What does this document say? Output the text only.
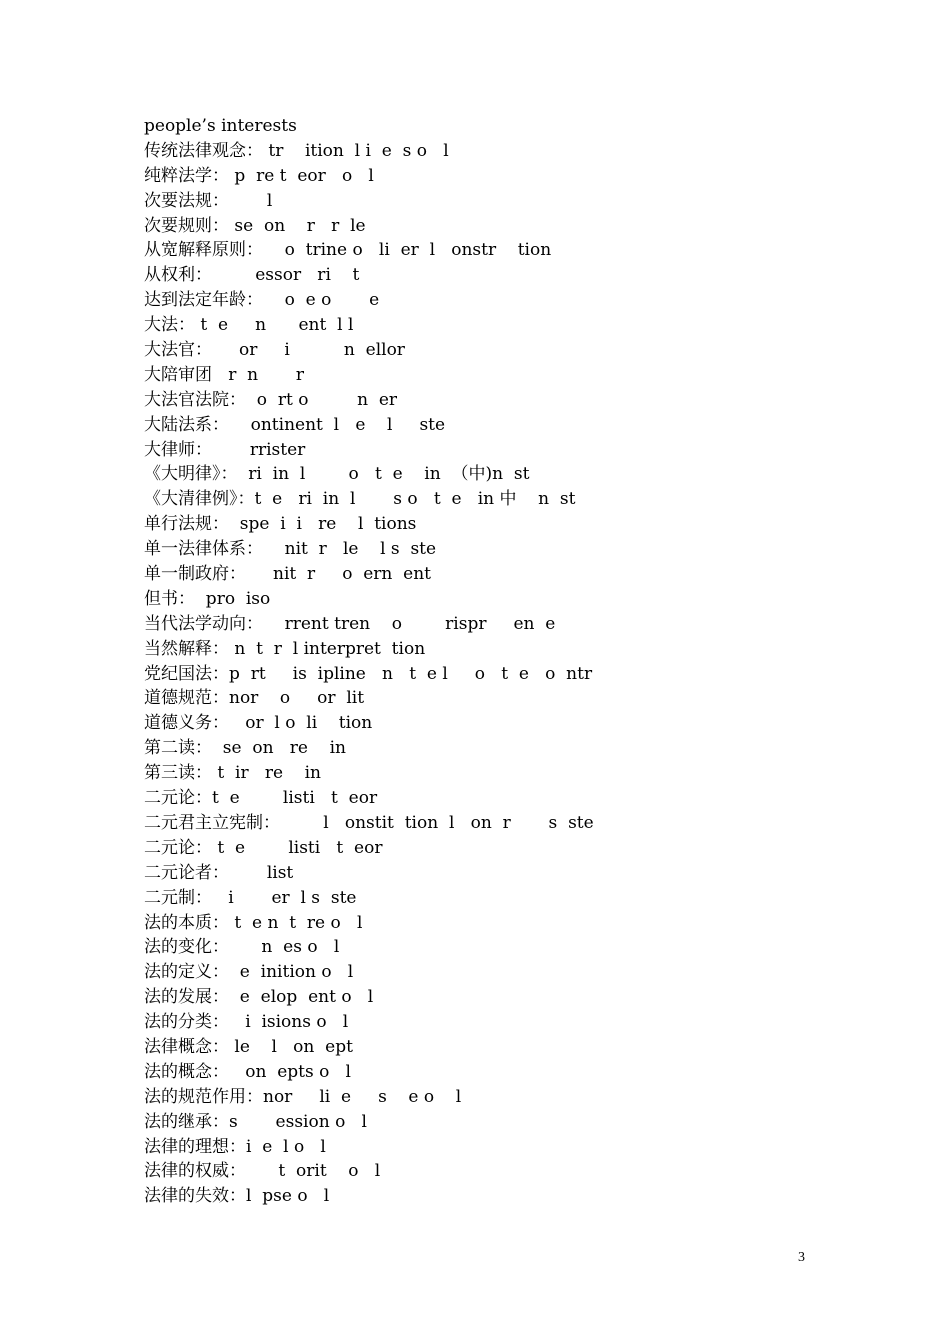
people’s interests
传统法律观念： tr    ition  l i  e  s o   l
纯粹法学： p  re t  eor   o   l
次要法规：       l
次要规则： se  on    r   r  le
从宽解释原则：    o  trine o   li  er  l   onstr    tion
从权利：        essor   ri    t
达到法定年龄：    o  e o       e
大法： t  e     n      ent  l l
大法官：     or     i          n  ellor
大陪审团   r  n       r
大法官法院：  o  rt o         n  er
大陆法系：    ontinent  l   e    l     ste
大律师：       rrister
《大明律》：  ri  in  l        o   t  e    in  （中)n  st
《大清律例》：t  e   ri  in  l       s o   t  e   in 中    n  st
单行法规：  spe  i  i   re    l  tions
单一法律体系：    nit  r   le    l s  ste
单一制政府：     nit  r     o  ern  ent
但书：  pro  iso
当代法学动向：    rrent tren    o        rispr     en  e
当然解释： n  t  r  l interpret  tion
党纪国法：p  rt     is  ipline   n   t  e l     o   t  e   o  ntr
道德规范：nor    o     or  lit
道德义务：   or  l o  li    tion
第二读：  se  on   re    in
第三读： t  ir   re    in
二元论：t  e        listi   t  eor
二元君主立宪制：        l   onstit  tion  l   on  r       s  ste
二元论： t  e        listi   t  eor
二元论者：       list
二元制：   i       er  l s  ste
法的本质： t  e n  t  re o   l
法的变化：      n  es o   l
法的定义：  e  inition o   l
法的发展：  e  elop  ent o   l
法的分类：   i  isions o   l
法律概念： le    l   on  ept
法的概念：   on  epts o   l
法的规范作用：nor     li  e     s    e o    l
法的继承：s       ession o   l
法律的理想：i  e  l o   l
法律的权威：      t  orit    o   l
法律的失效：l  pse o   l
3
